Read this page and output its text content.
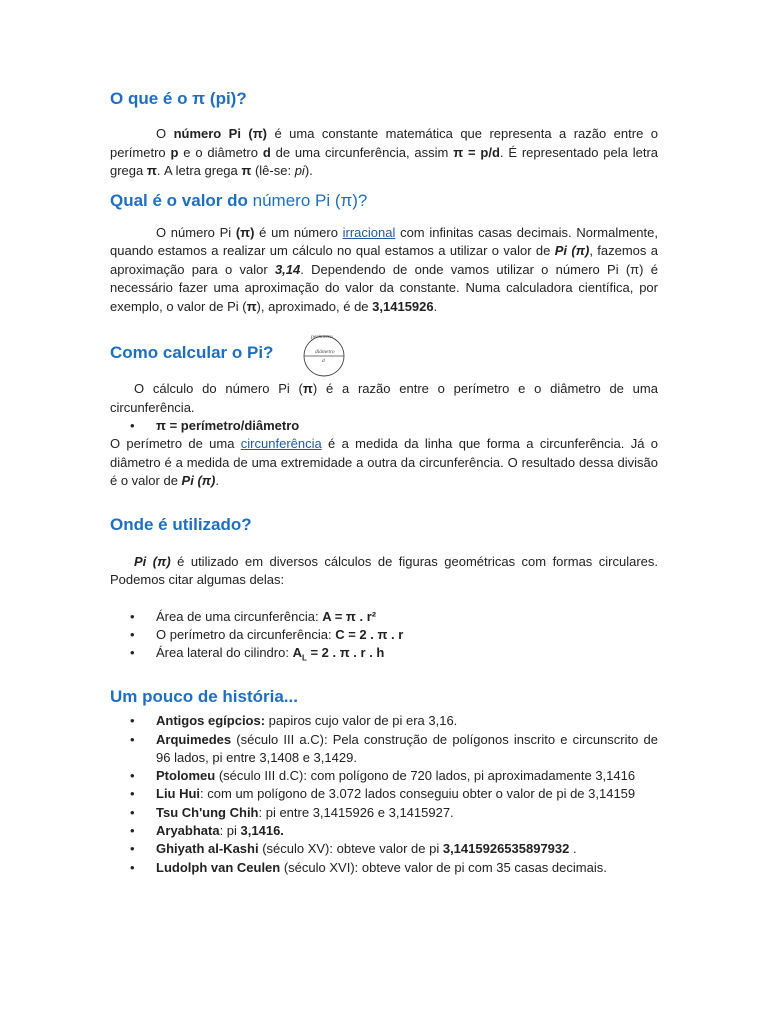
O que é o π (pi)?

O número Pi (π) é uma constante matemática que representa a razão entre o perímetro p e o diâmetro d de uma circunferência, assim π = p/d. É representado pela letra grega π. A letra grega π (lê-se: pi).

Qual é o valor do número Pi (π)?

O número Pi (π) é um número irracional com infinitas casas decimais. Normalmente, quando estamos a realizar um cálculo no qual estamos a utilizar o valor de Pi (π), fazemos a aproximação para o valor 3,14. Dependendo de onde vamos utilizar o número Pi (π) é necessário fazer uma aproximação do valor da constante. Numa calculadora científica, por exemplo, o valor de Pi (π), aproximado, é de 3,1415926.

Como calcular o Pi?
perímetro
diâmetro
d

O cálculo do número Pi (π) é a razão entre o perímetro e o diâmetro de uma circunferência.

• π = perímetro/diâmetro

O perímetro de uma circunferência é a medida da linha que forma a circunferência. Já o diâmetro é a medida de uma extremidade a outra da circunferência. O resultado dessa divisão é o valor de Pi (π).

Onde é utilizado?

Pi (π) é utilizado em diversos cálculos de figuras geométricas com formas circulares. Podemos citar algumas delas:

• Área de uma circunferência: A = π . r²
• O perímetro da circunferência: C = 2 . π . r
• Área lateral do cilindro: $A_L = 2$ . π . r . h
Um pouco de história...
• Antigos egípcios: papiros cujo valor de pi era 3,16.
• Arquimedes (século III a.C): Pela construção de polígonos inscrito e circunscrito de 96 lados, pi entre 3,1408 e 3,1429.
• Ptolomeu (século III d.C): com polígono de 720 lados, pi aproximadamente 3,1416
• Liu Hui: com um polígono de 3.072 lados conseguiu obter o valor de pi de 3,14159
• Tsu Ch'ung Chih: pi entre 3,1415926 e 3,1415927.
• Aryabhata: pi 3,1416.
• Ghiyath al-Kashi (século XV): obteve valor de pi 3,1415926535897932 .
• Ludolph van Ceulen (século XVI): obteve valor de pi com 35 casas decimais.
